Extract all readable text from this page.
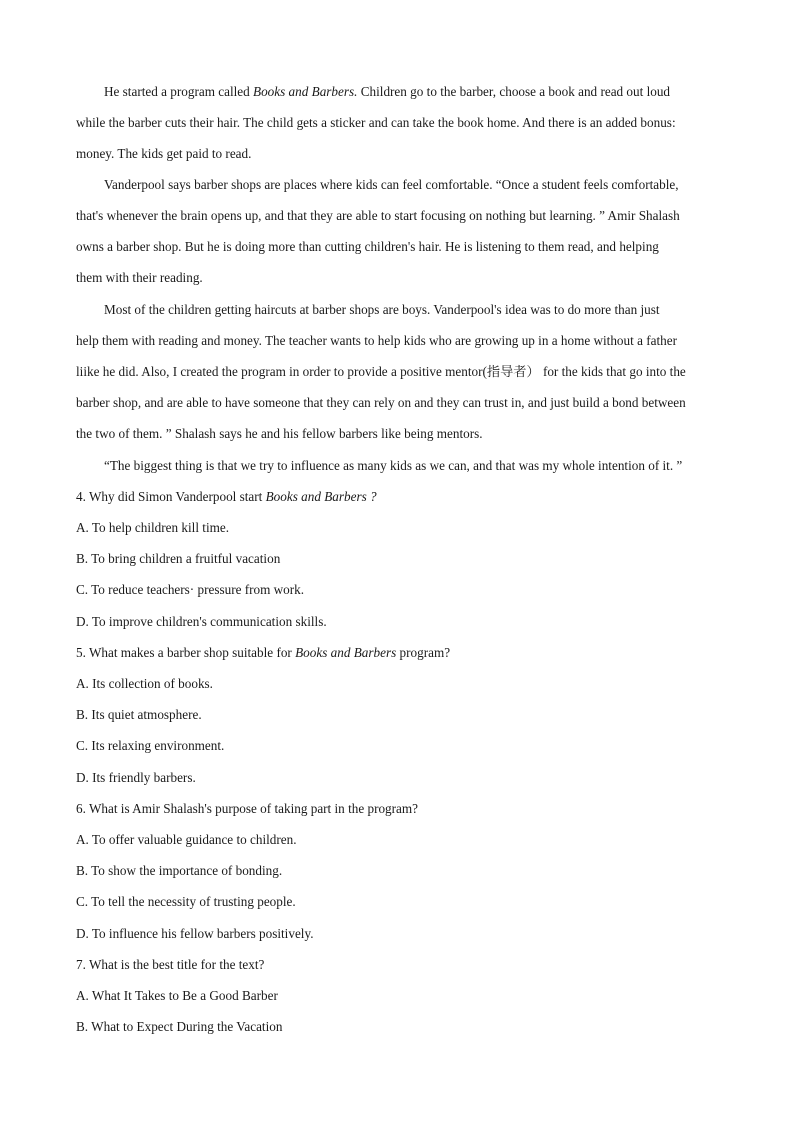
He started a program called Books and Barbers. Children go to the barber, choose a book and read out loud
while the barber cuts their hair. The child gets a sticker and can take the book home. And there is an added bonus:
money. The kids get paid to read.
Vanderpool says barber shops are places where kids can feel comfortable. “Once a student feels comfortable,
that's whenever the brain opens up, and that they are able to start focusing on nothing but learning. ” Amir Shalash
owns a barber shop. But he is doing more than cutting children's hair. He is listening to them read, and helping
them with their reading.
Most of the children getting haircuts at barber shops are boys. Vanderpool's idea was to do more than just
help them with reading and money. The teacher wants to help kids who are growing up in a home without a father
liike he did. Also, I created the program in order to provide a positive mentor(指导者） for the kids that go into the
barber shop, and are able to have someone that they can rely on and they can trust in, and just build a bond between
the two of them. ” Shalash says he and his fellow barbers like being mentors.
“The biggest thing is that we try to influence as many kids as we can, and that was my whole intention of it. ”
4. Why did Simon Vanderpool start Books and Barbers ?
A. To help children kill time.
B. To bring children a fruitful vacation
C. To reduce teachers· pressure from work.
D. To improve children's communication skills.
5. What makes a barber shop suitable for Books and Barbers program?
A. Its collection of books.
B. Its quiet atmosphere.
C. Its relaxing environment.
D. Its friendly barbers.
6. What is Amir Shalash's purpose of taking part in the program?
A. To offer valuable guidance to children.
B. To show the importance of bonding.
C. To tell the necessity of trusting people.
D. To influence his fellow barbers positively.
7. What is the best title for the text?
A. What It Takes to Be a Good Barber
B. What to Expect During the Vacation
